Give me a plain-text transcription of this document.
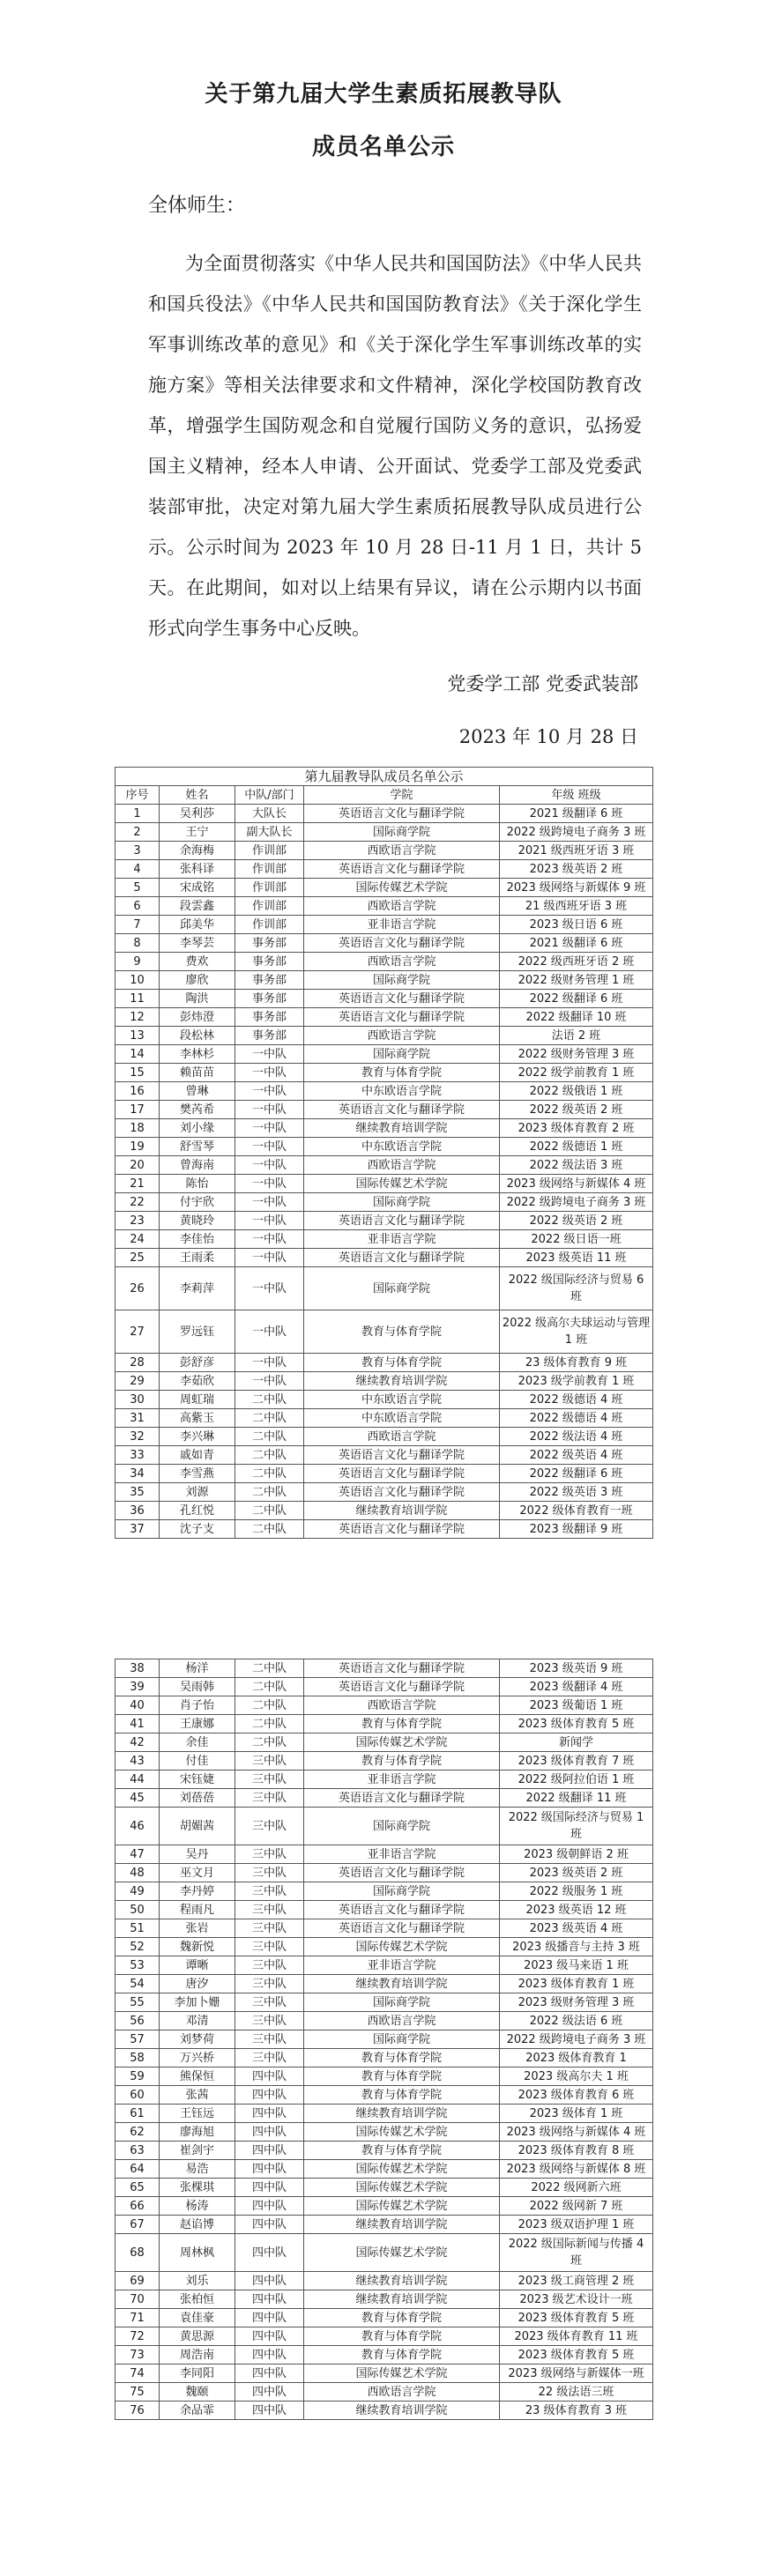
关于第九届大学生素质拓展教导队
成员名单公示
全体师生：
为全面贯彻落实《中华人民共和国国防法》《中华人民共和国兵役法》《中华人民共和国国防教育法》《关于深化学生军事训练改革的意见》和《关于深化学生军事训练改革的实施方案》等相关法律要求和文件精神，深化学校国防教育改革，增强学生国防观念和自觉履行国防义务的意识，弘扬爱国主义精神，经本人申请、公开面试、党委学工部及党委武装部审批，决定对第九届大学生素质拓展教导队成员进行公示。公示时间为 2023 年 10 月 28 日-11 月 1 日，共计 5 天。在此期间，如对以上结果有异议，请在公示期内以书面形式向学生事务中心反映。
党委学工部 党委武装部
2023 年 10 月 28 日
第九届教导队成员名单公示				
序号	姓名	中队/部门	学院	年级 班级
1	吴利莎	大队长	英语语言文化与翻译学院	2021 级翻译 6 班
2	王宁	副大队长	国际商学院	2022 级跨境电子商务 3 班
3	余海梅	作训部	西欧语言学院	2021 级西班牙语 3 班
4	张科译	作训部	英语语言文化与翻译学院	2023 级英语 2 班
5	宋成铭	作训部	国际传媒艺术学院	2023 级网络与新媒体 9 班
6	段雲鑫	作训部	西欧语言学院	21 级西班牙语 3 班
7	邱美华	作训部	亚非语言学院	2023 级日语 6 班
8	李琴芸	事务部	英语语言文化与翻译学院	2021 级翻译 6 班
9	费欢	事务部	西欧语言学院	2022 级西班牙语 2 班
10	廖欣	事务部	国际商学院	2022 级财务管理 1 班
11	陶洪	事务部	英语语言文化与翻译学院	2022 级翻译 6 班
12	彭炜澄	事务部	英语语言文化与翻译学院	2022 级翻译 10 班
13	段松林	事务部	西欧语言学院	法语 2 班
14	李林杉	一中队	国际商学院	2022 级财务管理 3 班
15	赖苗苗	一中队	教育与体育学院	2022 级学前教育 1 班
16	曾琳	一中队	中东欧语言学院	2022 级俄语 1 班
17	樊芮希	一中队	英语语言文化与翻译学院	2022 级英语 2 班
18	刘小缘	一中队	继续教育培训学院	2023 级体育教育 2 班
19	舒雪琴	一中队	中东欧语言学院	2022 级德语 1 班
20	曾海南	一中队	西欧语言学院	2022 级法语 3 班
21	陈怡	一中队	国际传媒艺术学院	2023 级网络与新媒体 4 班
22	付宇欣	一中队	国际商学院	2022 级跨境电子商务 3 班
23	黄晓玲	一中队	英语语言文化与翻译学院	2022 级英语 2 班
24	李佳怡	一中队	亚非语言学院	2022 级日语一班
25	王雨柔	一中队	英语语言文化与翻译学院	2023 级英语 11 班
26	李莉萍	一中队	国际商学院	2022 级国际经济与贸易 6 班
27	罗远钰	一中队	教育与体育学院	2022 级高尔夫球运动与管理 1 班
28	彭舒彦	一中队	教育与体育学院	23 级体育教育 9 班
29	李茹欣	一中队	继续教育培训学院	2023 级学前教育 1 班
30	周虹瑞	二中队	中东欧语言学院	2022 级德语 4 班
31	高紫玉	二中队	中东欧语言学院	2022 级德语 4 班
32	李兴琳	二中队	西欧语言学院	2022 级法语 4 班
33	戚如青	二中队	英语语言文化与翻译学院	2022 级英语 4 班
34	李雪燕	二中队	英语语言文化与翻译学院	2022 级翻译 6 班
35	刘源	二中队	英语语言文化与翻译学院	2022 级英语 3 班
36	孔红悦	二中队	继续教育培训学院	2022 级体育教育一班
37	沈子支	二中队	英语语言文化与翻译学院	2023 级翻译 9 班
38	杨洋	二中队	英语语言文化与翻译学院	2023 级英语 9 班
39	吴雨韩	二中队	英语语言文化与翻译学院	2023 级翻译 4 班
40	肖子怡	二中队	西欧语言学院	2023 级葡语 1 班
41	王康娜	二中队	教育与体育学院	2023 级体育教育 5 班
42	余佳	二中队	国际传媒艺术学院	新闻学
43	付佳	三中队	教育与体育学院	2023 级体育教育 7 班
44	宋钰婕	三中队	亚非语言学院	2022 级阿拉伯语 1 班
45	刘蓓蓓	三中队	英语语言文化与翻译学院	2022 级翻译 11 班
46	胡媚茜	三中队	国际商学院	2022 级国际经济与贸易 1 班
47	吴丹	三中队	亚非语言学院	2023 级朝鲜语 2 班
48	巫文月	三中队	英语语言文化与翻译学院	2023 级英语 2 班
49	李丹婷	三中队	国际商学院	2022 级服务 1 班
50	程雨凡	三中队	英语语言文化与翻译学院	2023 级英语 12 班
51	张岩	三中队	英语语言文化与翻译学院	2023 级英语 4 班
52	魏新悦	三中队	国际传媒艺术学院	2023 级播音与主持 3 班
53	谭晰	三中队	亚非语言学院	2023 级马来语 1 班
54	唐汐	三中队	继续教育培训学院	2023 级体育教育 1 班
55	李加卜姗	三中队	国际商学院	2023 级财务管理 3 班
56	邓清	三中队	西欧语言学院	2022 级法语 6 班
57	刘梦荷	三中队	国际商学院	2022 级跨境电子商务 3 班
58	万兴桥	三中队	教育与体育学院	2023 级体育教育 1
59	熊保恒	四中队	教育与体育学院	2023 级高尔夫 1 班
60	张茜	四中队	教育与体育学院	2023 级体育教育 6 班
61	王钰远	四中队	继续教育培训学院	2023 级体育 1 班
62	廖海旭	四中队	国际传媒艺术学院	2023 级网络与新媒体 4 班
63	崔剑宇	四中队	教育与体育学院	2023 级体育教育 8 班
64	易浩	四中队	国际传媒艺术学院	2023 级网络与新媒体 8 班
65	张棵琪	四中队	国际传媒艺术学院	2022 级网新六班
66	杨涛	四中队	国际传媒艺术学院	2022 级网新 7 班
67	赵谄博	四中队	继续教育培训学院	2023 级双语护理 1 班
68	周林枫	四中队	国际传媒艺术学院	2022 级国际新闻与传播 4 班
69	刘乐	四中队	继续教育培训学院	2023 级工商管理 2 班
70	张柏恒	四中队	继续教育培训学院	2023 级艺术设计一班
71	袁佳豪	四中队	教育与体育学院	2023 级体育教育 5 班
72	黄思源	四中队	教育与体育学院	2023 级体育教育 11 班
73	周浩南	四中队	教育与体育学院	2023 级体育教育 5 班
74	李同阳	四中队	国际传媒艺术学院	2023 级网络与新媒体一班
75	魏颐	四中队	西欧语言学院	22 级法语三班
76	余品霏	四中队	继续教育培训学院	23 级体育教育 3 班
